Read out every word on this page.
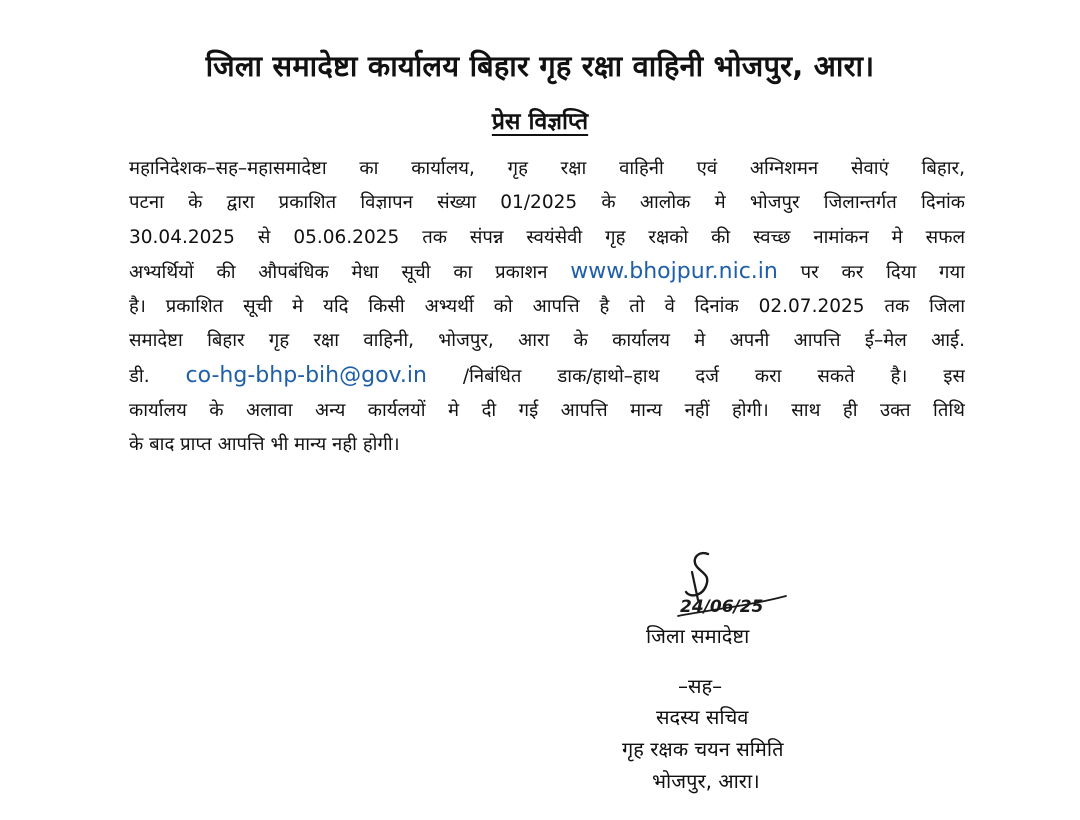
जिला समादेष्टा कार्यालय बिहार गृह रक्षा वाहिनी भोजपुर, आरा।
प्रेस विज्ञप्ति
महानिदेशक–सह–महासमादेष्टा का कार्यालय, गृह रक्षा वाहिनी एवं अग्निशमन सेवाएं बिहार,
पटना के द्वारा प्रकाशित विज्ञापन संख्या 01/2025 के आलोक मे भोजपुर जिलान्तर्गत दिनांक
30.04.2025 से 05.06.2025 तक संपन्न स्वयंसेवी गृह रक्षको की स्वच्छ नामांकन मे सफल
अभ्यर्थियों की औपबंधिक मेधा सूची का प्रकाशन www.bhojpur.nic.in पर कर दिया गया
है। प्रकाशित सूची मे यदि किसी अभ्यर्थी को आपत्ति है तो वे दिनांक 02.07.2025 तक जिला
समादेष्टा बिहार गृह रक्षा वाहिनी, भोजपुर, आरा के कार्यालय मे अपनी आपत्ति ई–मेल आई.
डी. co-hg-bhp-bih@gov.in /निबंधित डाक/हाथो–हाथ दर्ज करा सकते है। इस
कार्यालय के अलावा अन्य कार्यलयों मे दी गई आपत्ति मान्य नहीं होगी। साथ ही उक्त तिथि
के बाद प्राप्त आपत्ति भी मान्य नही होगी।
24/06/25
जिला समादेष्टा
–सह–
सदस्य सचिव
गृह रक्षक चयन समिति
भोजपुर, आरा।
